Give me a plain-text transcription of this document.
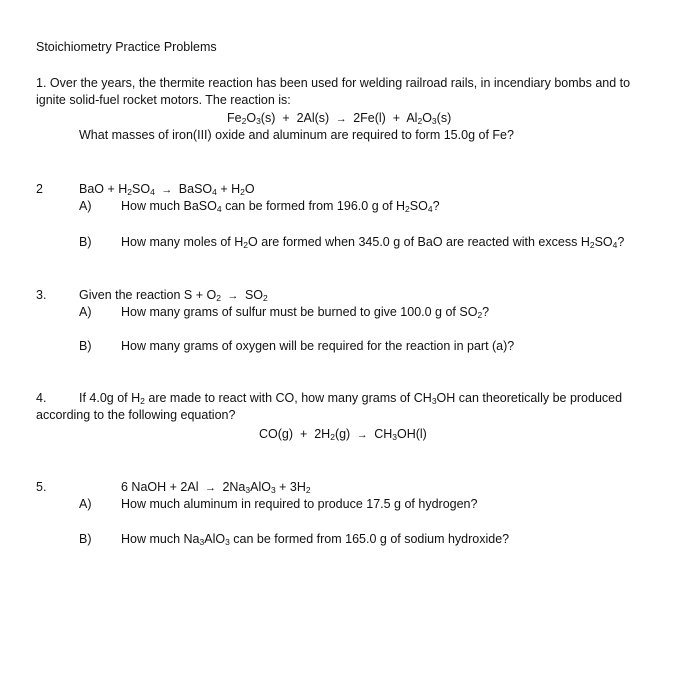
Stoichiometry Practice Problems
1. Over the years, the thermite reaction has been used for welding railroad rails, in incendiary bombs and to
ignite solid-fuel rocket motors. The reaction is:
$Fe_2O_3(s) + 2Al(s) \to 2Fe(l) + Al_2O_3(s)$
What masses of iron(III) oxide and aluminum are required to form 15.0g of Fe?
2	BaO + $H_2SO_4$ → BaSO$_4$ + $H_2O$
A) How much BaSO$_4$ can be formed from 196.0 g of $H_2SO_4$?
B) How many moles of $H_2O$ are formed when 345.0 g of BaO are reacted with excess $H_2SO_4$?
3.	Given the reaction $S + O_2 \to SO_2$
A) How many grams of sulfur must be burned to give 100.0 g of $SO_2$?
B) How many grams of oxygen will be required for the reaction in part (a)?
4.	If 4.0g of $H_2$ are made to react with CO, how many grams of $CH_3OH$ can theoretically be produced
according to the following equation?
$CO(g) + 2H_2(g) \to CH_3OH(l)$
5.	6 NaOH + $2Al \to 2Na_3AlO_3 + 3H_2$
A) How much aluminum in required to produce 17.5 g of hydrogen?
B) How much $Na_3AlO_3$ can be formed from 165.0 g of sodium hydroxide?
